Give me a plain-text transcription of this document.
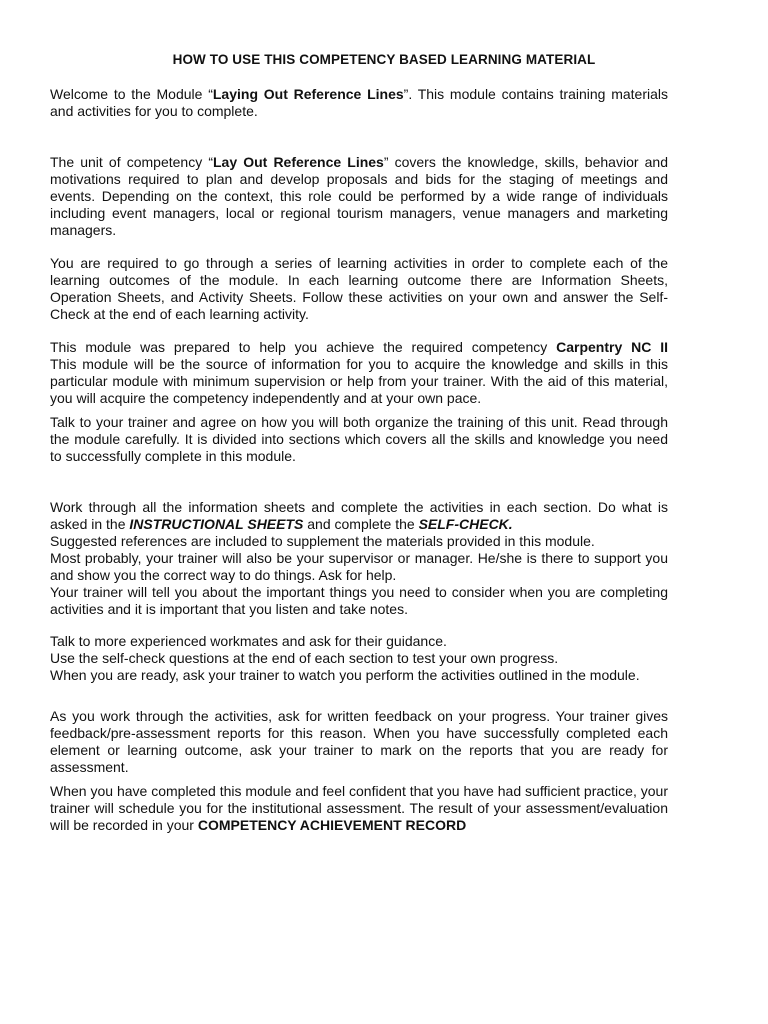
HOW TO USE THIS COMPETENCY BASED LEARNING MATERIAL

Welcome to the Module “Laying Out Reference Lines”. This module contains training materials and activities for you to complete.

The unit of competency “Lay Out Reference Lines” covers the knowledge, skills, behavior and motivations required to plan and develop proposals and bids for the staging of meetings and events. Depending on the context, this role could be performed by a wide range of individuals including event managers, local or regional tourism managers, venue managers and marketing managers.

You are required to go through a series of learning activities in order to complete each of the learning outcomes of the module. In each learning outcome there are Information Sheets, Operation Sheets, and Activity Sheets. Follow these activities on your own and answer the Self-Check at the end of each learning activity.

This module was prepared to help you achieve the required competency Carpentry NC II
This module will be the source of information for you to acquire the knowledge and skills in this particular module with minimum supervision or help from your trainer. With the aid of this material, you will acquire the competency independently and at your own pace.

Talk to your trainer and agree on how you will both organize the training of this unit. Read through the module carefully. It is divided into sections which covers all the skills and knowledge you need to successfully complete in this module.

Work through all the information sheets and complete the activities in each section. Do what is asked in the INSTRUCTIONAL SHEETS and complete the SELF-CHECK.
Suggested references are included to supplement the materials provided in this module.
Most probably, your trainer will also be your supervisor or manager. He/she is there to support you and show you the correct way to do things. Ask for help.
Your trainer will tell you about the important things you need to consider when you are completing activities and it is important that you listen and take notes.

Talk to more experienced workmates and ask for their guidance.
Use the self-check questions at the end of each section to test your own progress.
When you are ready, ask your trainer to watch you perform the activities outlined in the module.

As you work through the activities, ask for written feedback on your progress. Your trainer gives feedback/pre-assessment reports for this reason. When you have successfully completed each element or learning outcome, ask your trainer to mark on the reports that you are ready for assessment.

When you have completed this module and feel confident that you have had sufficient practice, your trainer will schedule you for the institutional assessment. The result of your assessment/evaluation will be recorded in your COMPETENCY ACHIEVEMENT RECORD
